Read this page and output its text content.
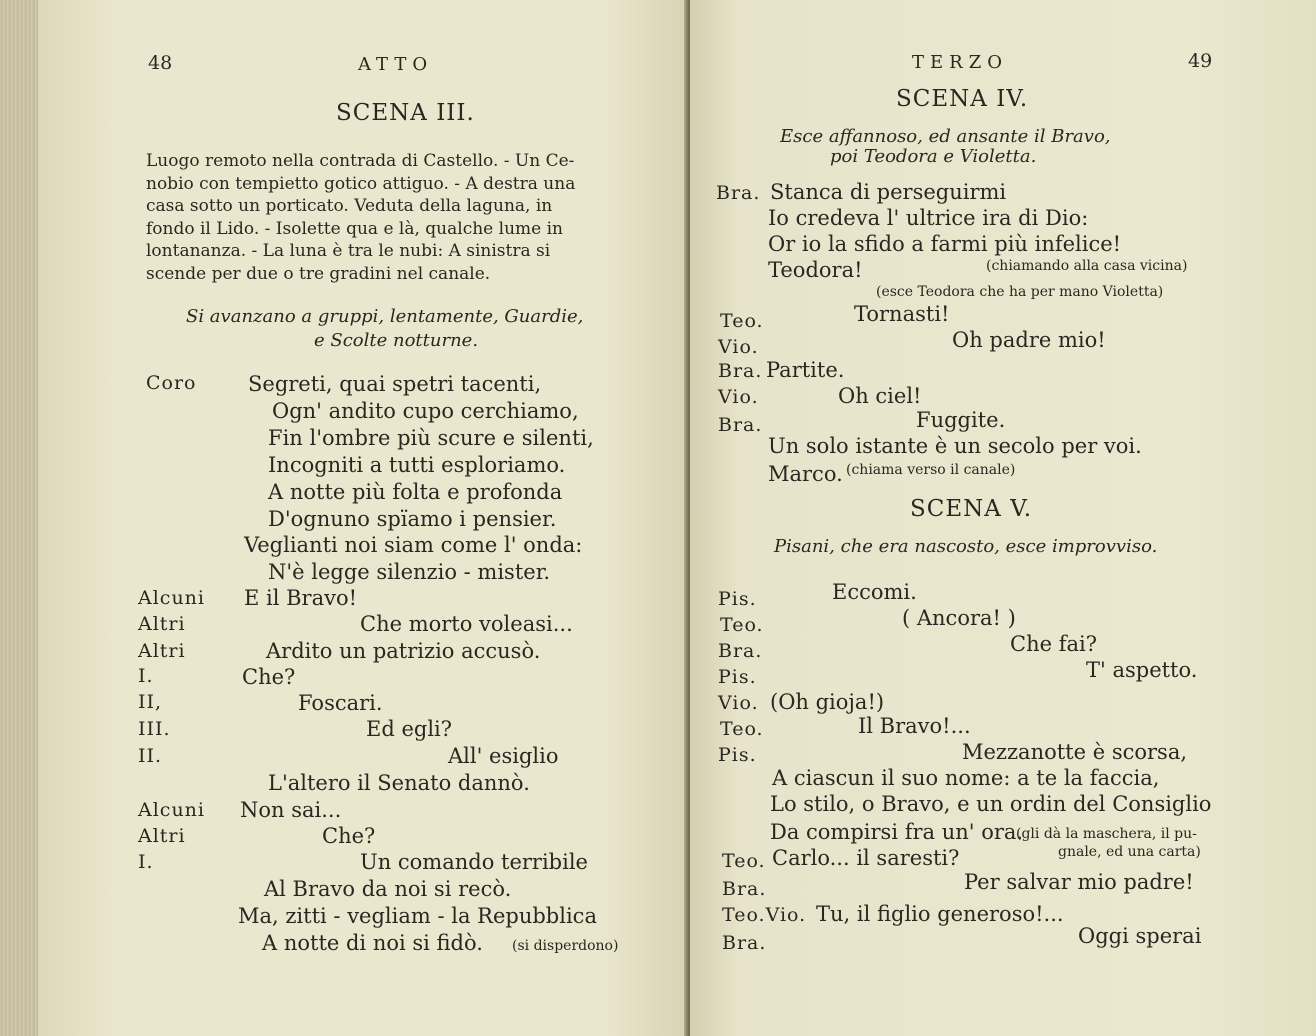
48	ATTO
SCENA III.
Luogo remoto nella contrada di Castello. - Un Ce-
nobio con tempietto gotico attiguo. - A destra una
casa sotto un porticato. Veduta della laguna, in
fondo il Lido. - Isolette qua e là, qualche lume in
lontananza. - La luna è tra le nubi: A sinistra si
scende per due o tre gradini nel canale.
Si avanzano a gruppi, lentamente, Guardie,
e Scolte notturne.
Coro Segreti, quai spetri tacenti,
Ogn' andito cupo cerchiamo,
Fin l'ombre più scure e silenti,
Incogniti a tutti esploriamo.
A notte più folta e profonda
D'ognuno spïamo i pensier.
Veglianti noi siam come l' onda:
N'è legge silenzio - mister.
Alcuni E il Bravo!
Altri	Che morto voleasi...
Altri	Ardito un patrizio accusò.
I.	Che?
II,	Foscari.
III.	Ed egli?
II.	All' esiglio
L'altero il Senato dannò.
Alcuni Non sai...
Altri	Che?
I.	Un comando terribile
Al Bravo da noi si recò.
Ma, zitti - vegliam - la Repubblica
A notte di noi si fidò. (si disperdono)
TERZO	49
SCENA IV.
Esce affannoso, ed ansante il Bravo,
poi Teodora e Violetta.
Bra. Stanca di perseguirmi
Io credeva l' ultrice ira di Dio:
Or io la sfido a farmi più infelice!
Teodora!	(chiamando alla casa vicina)
(esce Teodora che ha per mano Violetta)
Teo.	Tornasti!
Vio.	Oh padre mio!
Bra. Partite.
Vio.	Oh ciel!
Bra.	Fuggite.
Un solo istante è un secolo per voi.
Marco. (chiama verso il canale)
SCENA V.
Pisani, che era nascosto, esce improvviso.
Pis.	Eccomi.
Teo.	( Ancora! )
Bra.	Che fai?
Pis.	T' aspetto.
Vio. (Oh gioja!)
Teo.	Il Bravo!...
Pis.	Mezzanotte è scorsa,
A ciascun il suo nome: a te la faccia,
Lo stilo, o Bravo, e un ordin del Consiglio
Da compirsi fra un' ora.
(gli dà la maschera, il pu-
gnale, ed una carta)
Teo. Carlo... il saresti?
Bra.	Per salvar mio padre!
Teo.Vio. Tu, il figlio generoso!...
Bra.	Oggi sperai
